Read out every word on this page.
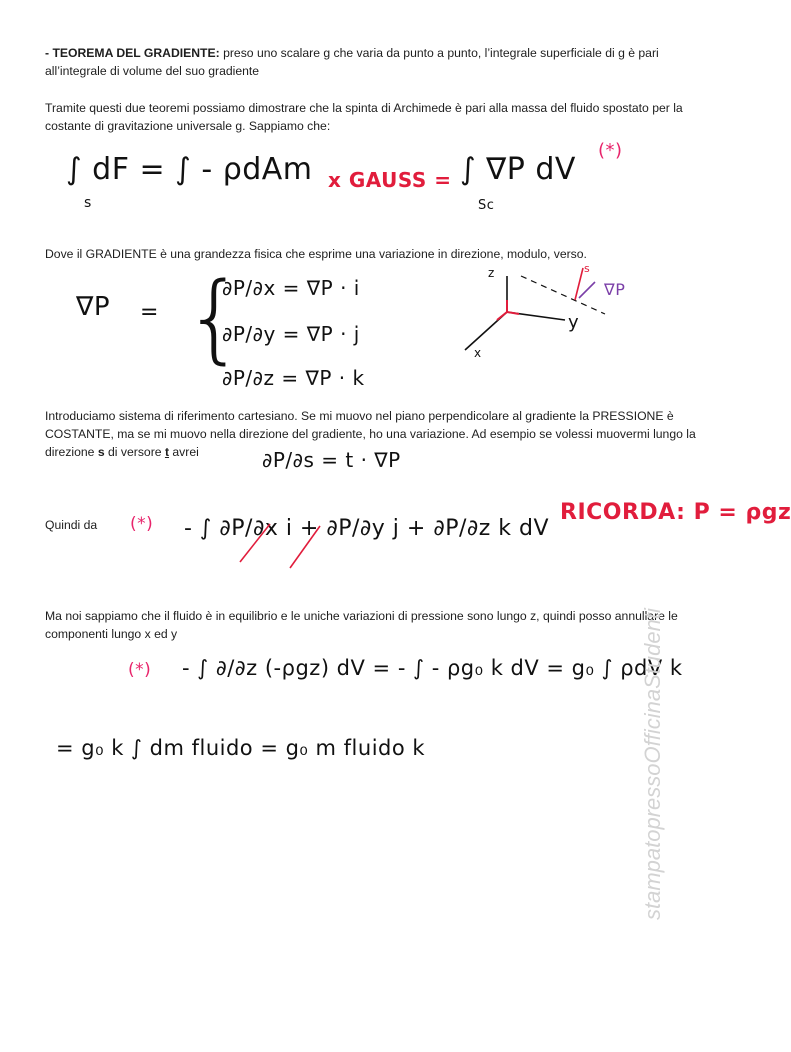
- TEOREMA DEL GRADIENTE: preso uno scalare g che varia da punto a punto, l’integrale superficiale di g è pari all’integrale di volume del suo gradiente
Tramite questi due teoremi possiamo dimostrare che la spinta di Archimede è pari alla massa del fluido spostato per la costante di gravitazione universale g. Sappiamo che:
∫ dF = ∫ - ρdAm
s
x GAUSS = ∫ ∇P dV
Sc
(*)
Dove il GRADIENTE è una grandezza fisica che esprime una variazione in direzione, modulo, verso.
∇P = {
∂P/∂x = ∇P · i
∂P/∂y = ∇P · j
∂P/∂z = ∇P · k
z
y
x
s
∇P
Introduciamo sistema di riferimento cartesiano. Se mi muovo nel piano perpendicolare al gradiente la PRESSIONE è COSTANTE, ma se mi muovo nella direzione del gradiente, ho una variazione. Ad esempio se volessi muovermi lungo la direzione s di versore t avrei	∂P/∂s = t · ∇P
Quindi da	(*) - ∫ ∂P/∂x i + ∂P/∂y j + ∂P/∂z k dV
RICORDA: P = ρgz
Ma noi sappiamo che il fluido è in equilibrio e le uniche variazioni di pressione sono lungo z, quindi posso annullare le componenti lungo x ed y
(*) - ∫ ∂/∂z (-ρgz) dV = - ∫ - ρg₀ k dV = g₀ ∫ ρdV k
= g₀ k ∫ dm fluido = g₀ m fluido k	stampatopressoOfficinaStudenti
